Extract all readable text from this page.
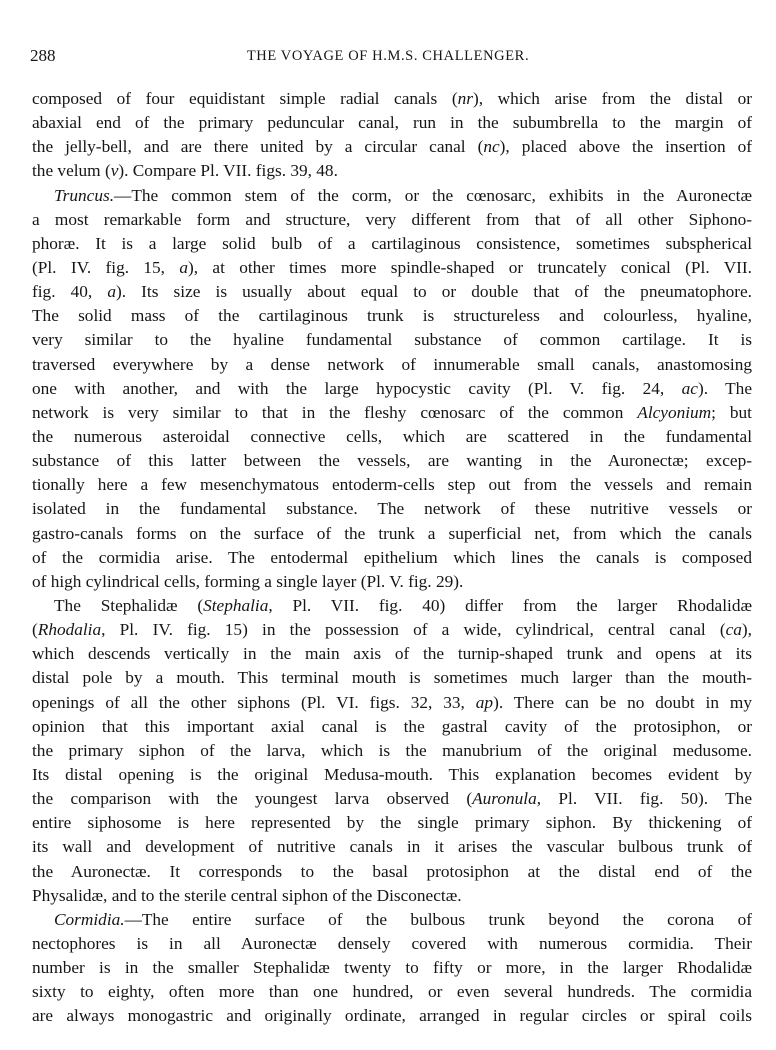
288	THE VOYAGE OF H.M.S. CHALLENGER.
composed of four equidistant simple radial canals (nr), which arise from the distal or
abaxial end of the primary peduncular canal, run in the subumbrella to the margin of
the jelly-bell, and are there united by a circular canal (nc), placed above the insertion of
the velum (v). Compare Pl. VII. figs. 39, 48.
Truncus.—The common stem of the corm, or the cœnosarc, exhibits in the Auronectæ
a most remarkable form and structure, very different from that of all other Siphono-
phoræ. It is a large solid bulb of a cartilaginous consistence, sometimes subspherical
(Pl. IV. fig. 15, a), at other times more spindle-shaped or truncately conical (Pl. VII.
fig. 40, a). Its size is usually about equal to or double that of the pneumatophore.
The solid mass of the cartilaginous trunk is structureless and colourless, hyaline,
very similar to the hyaline fundamental substance of common cartilage. It is
traversed everywhere by a dense network of innumerable small canals, anastomosing
one with another, and with the large hypocystic cavity (Pl. V. fig. 24, ac). The
network is very similar to that in the fleshy cœnosarc of the common Alcyonium; but
the numerous asteroidal connective cells, which are scattered in the fundamental
substance of this latter between the vessels, are wanting in the Auronectæ; excep-
tionally here a few mesenchymatous entoderm-cells step out from the vessels and remain
isolated in the fundamental substance. The network of these nutritive vessels or
gastro-canals forms on the surface of the trunk a superficial net, from which the canals
of the cormidia arise. The entodermal epithelium which lines the canals is composed
of high cylindrical cells, forming a single layer (Pl. V. fig. 29).
The Stephalidæ (Stephalia, Pl. VII. fig. 40) differ from the larger Rhodalidæ
(Rhodalia, Pl. IV. fig. 15) in the possession of a wide, cylindrical, central canal (ca),
which descends vertically in the main axis of the turnip-shaped trunk and opens at its
distal pole by a mouth. This terminal mouth is sometimes much larger than the mouth-
openings of all the other siphons (Pl. VI. figs. 32, 33, ap). There can be no doubt in my
opinion that this important axial canal is the gastral cavity of the protosiphon, or
the primary siphon of the larva, which is the manubrium of the original medusome.
Its distal opening is the original Medusa-mouth. This explanation becomes evident by
the comparison with the youngest larva observed (Auronula, Pl. VII. fig. 50). The
entire siphosome is here represented by the single primary siphon. By thickening of
its wall and development of nutritive canals in it arises the vascular bulbous trunk of
the Auronectæ. It corresponds to the basal protosiphon at the distal end of the
Physalidæ, and to the sterile central siphon of the Disconectæ.
Cormidia.—The entire surface of the bulbous trunk beyond the corona of
nectophores is in all Auronectæ densely covered with numerous cormidia. Their
number is in the smaller Stephalidæ twenty to fifty or more, in the larger Rhodalidæ
sixty to eighty, often more than one hundred, or even several hundreds. The cormidia
are always monogastric and originally ordinate, arranged in regular circles or spiral coils
